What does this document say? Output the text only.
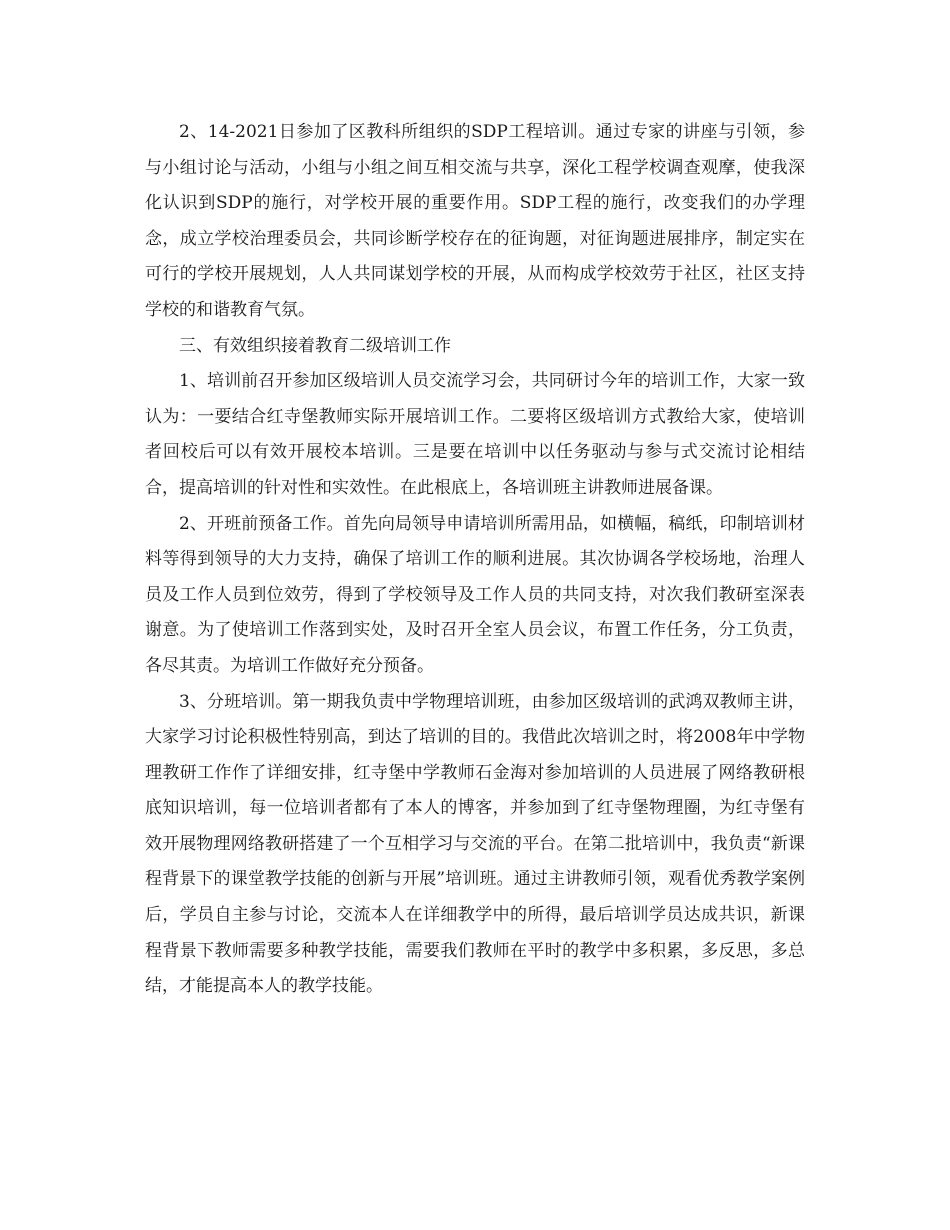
2、14-2021日参加了区教科所组织的SDP工程培训。通过专家的讲座与引领，参与小组讨论与活动，小组与小组之间互相交流与共享，深化工程学校调查观摩，使我深化认识到SDP的施行，对学校开展的重要作用。SDP工程的施行，改变我们的办学理念，成立学校治理委员会，共同诊断学校存在的征询题，对征询题进展排序，制定实在可行的学校开展规划，人人共同谋划学校的开展，从而构成学校效劳于社区，社区支持学校的和谐教育气氛。

三、有效组织接着教育二级培训工作

1、培训前召开参加区级培训人员交流学习会，共同研讨今年的培训工作，大家一致认为：一要结合红寺堡教师实际开展培训工作。二要将区级培训方式教给大家，使培训者回校后可以有效开展校本培训。三是要在培训中以任务驱动与参与式交流讨论相结合，提高培训的针对性和实效性。在此根底上，各培训班主讲教师进展备课。

2、开班前预备工作。首先向局领导申请培训所需用品，如横幅，稿纸，印制培训材料等得到领导的大力支持，确保了培训工作的顺利进展。其次协调各学校场地，治理人员及工作人员到位效劳，得到了学校领导及工作人员的共同支持，对次我们教研室深表谢意。为了使培训工作落到实处，及时召开全室人员会议，布置工作任务，分工负责，各尽其责。为培训工作做好充分预备。

3、分班培训。第一期我负责中学物理培训班，由参加区级培训的武鸿双教师主讲，大家学习讨论积极性特别高，到达了培训的目的。我借此次培训之时，将2008年中学物理教研工作作了详细安排，红寺堡中学教师石金海对参加培训的人员进展了网络教研根底知识培训，每一位培训者都有了本人的博客，并参加到了红寺堡物理圈，为红寺堡有效开展物理网络教研搭建了一个互相学习与交流的平台。在第二批培训中，我负责“新课程背景下的课堂教学技能的创新与开展”培训班。通过主讲教师引领，观看优秀教学案例后，学员自主参与讨论，交流本人在详细教学中的所得，最后培训学员达成共识，新课程背景下教师需要多种教学技能，需要我们教师在平时的教学中多积累，多反思，多总结，才能提高本人的教学技能。
